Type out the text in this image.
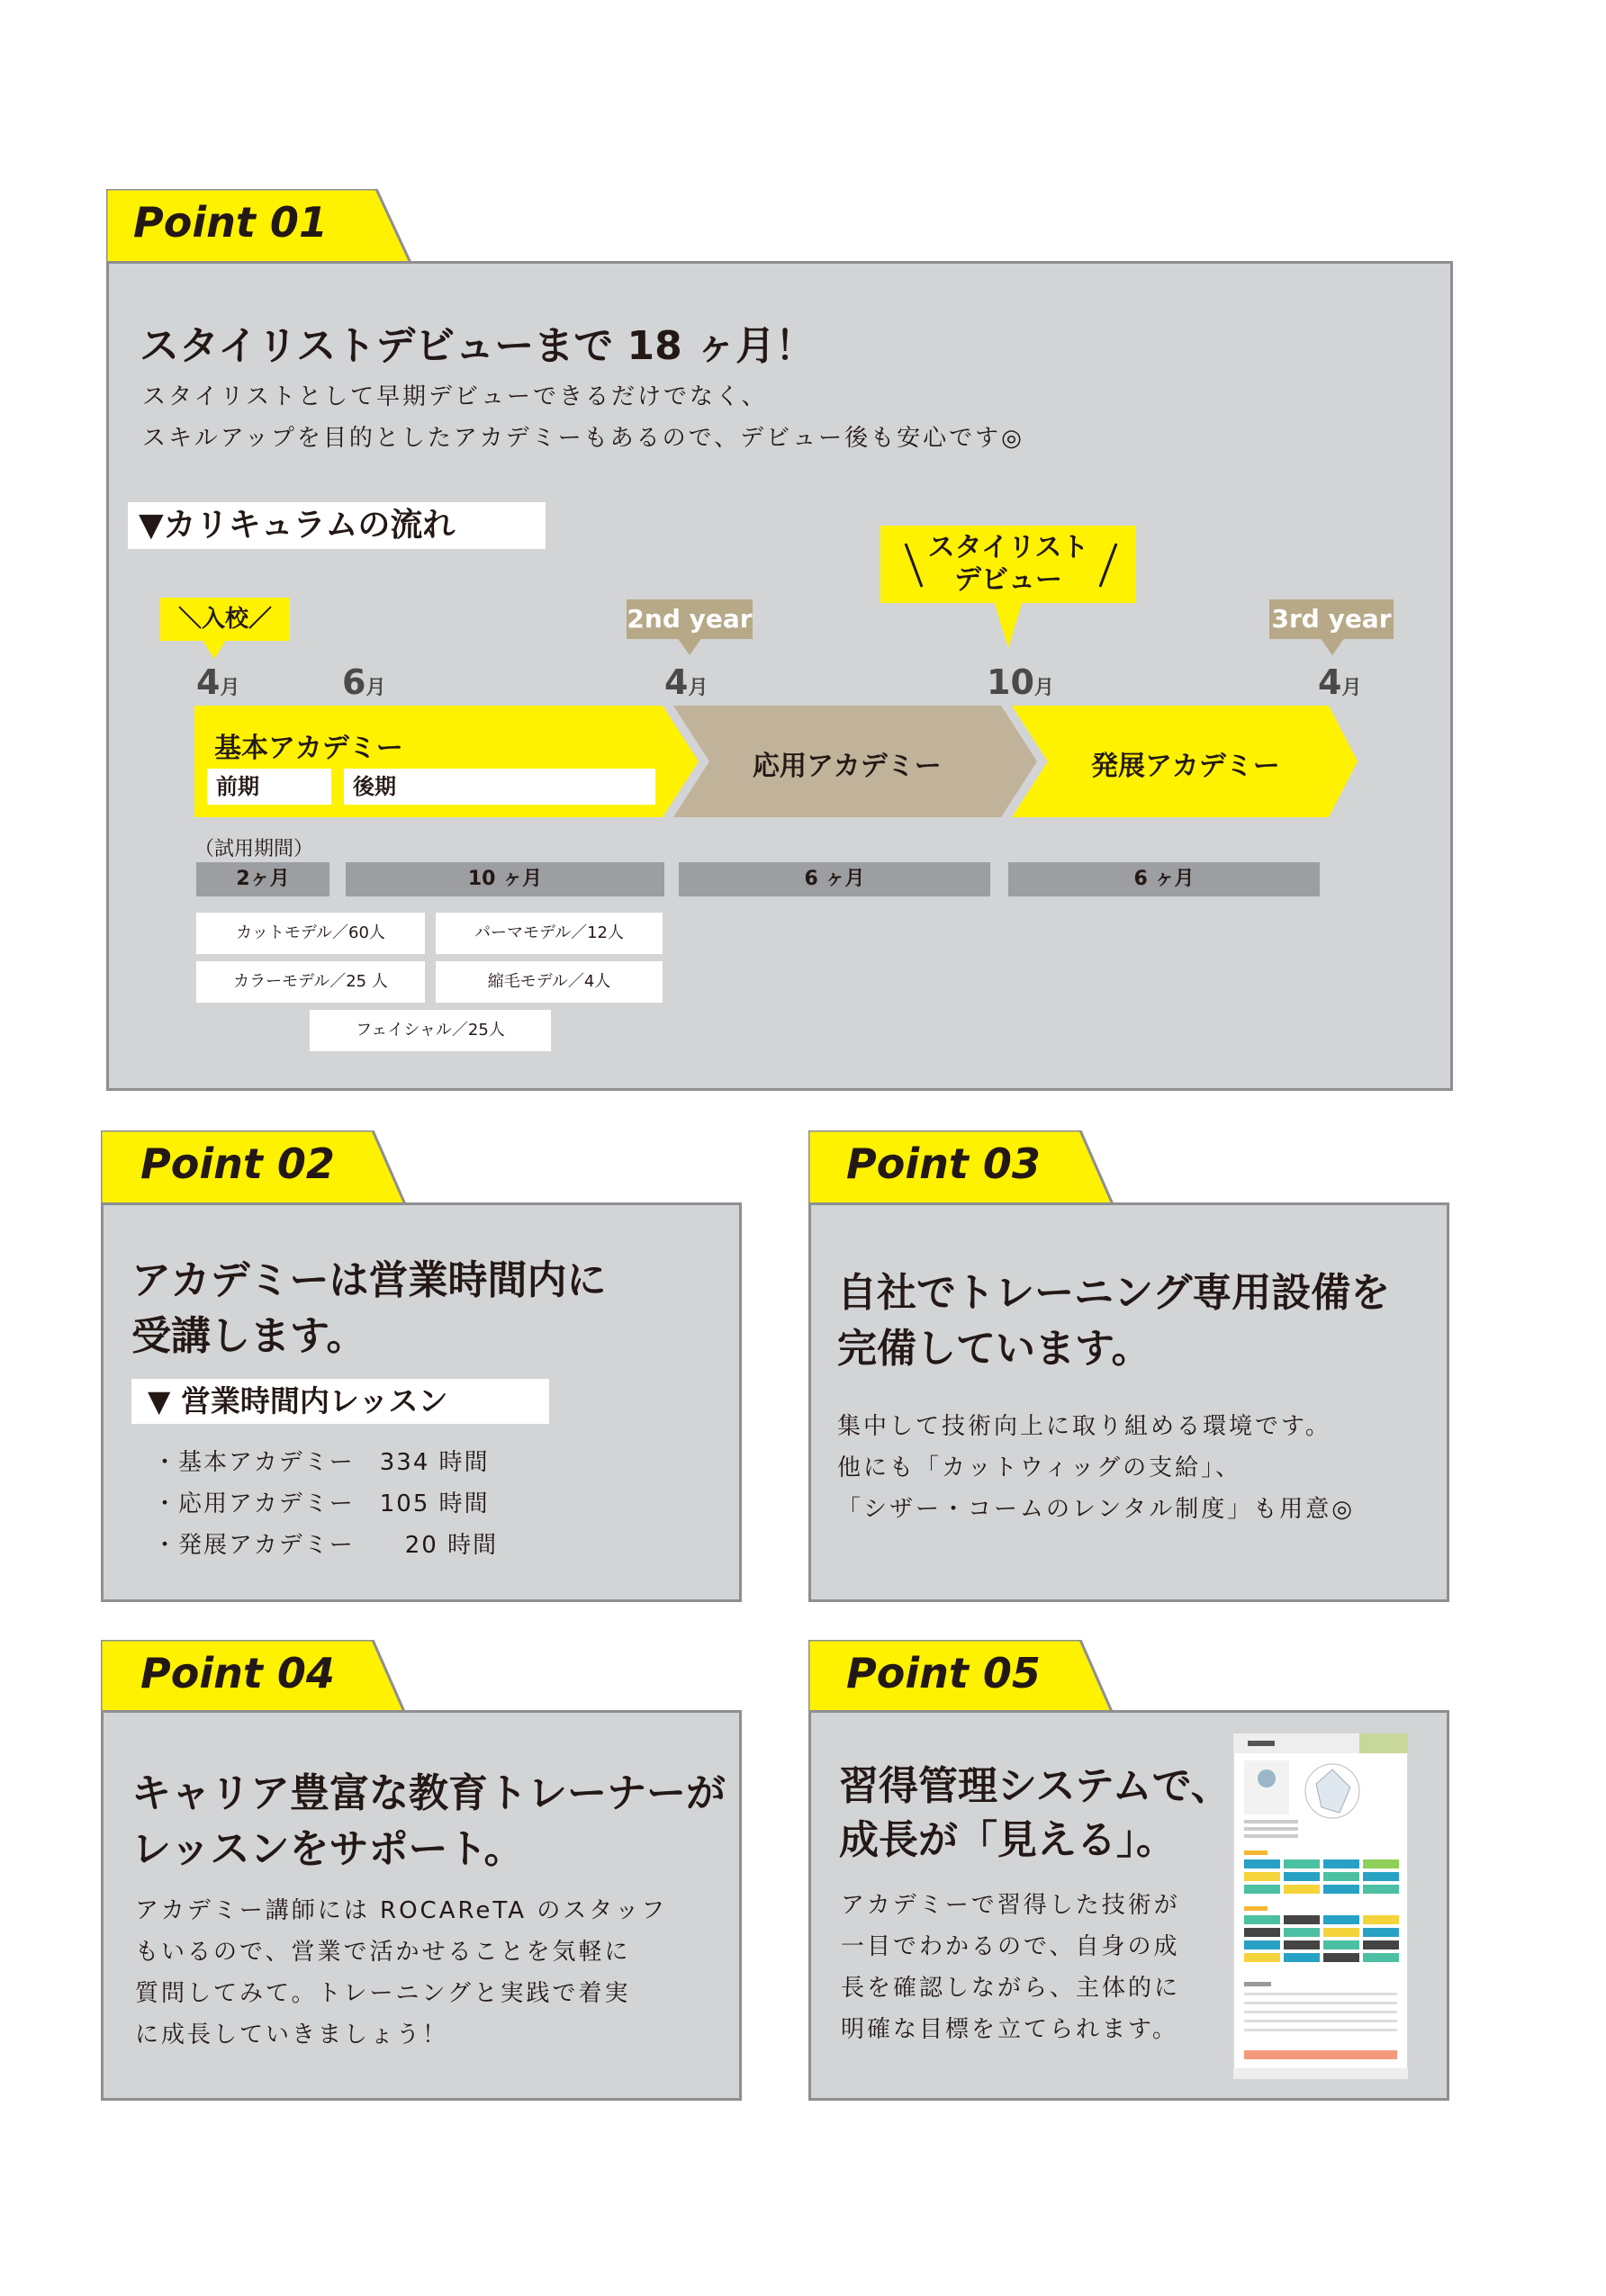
Point 01
スタイリストデビューまで 18 ヶ月！
スタイリストとして早期デビューできるだけでなく、
スキルアップを目的としたアカデミーもあるので、デビュー後も安心です◎
▼カリキュラムの流れ
＼入校／
スタイリスト
デビュー
2nd year	3rd year
4月	6月	4月	10月	4月
基本アカデミー
前期	後期
応用アカデミー	発展アカデミー
（試用期間）
2ヶ月	10 ヶ月	6 ヶ月	6 ヶ月
カットモデル／60人	パーマモデル／12人
カラーモデル／25 人	縮毛モデル／4人
フェイシャル／25人
Point 02
アカデミーは営業時間内に
受講します。
▼ 営業時間内レッスン
・基本アカデミー　334 時間
・応用アカデミー　105 時間
・発展アカデミー　　20 時間
Point 03
自社でトレーニング専用設備を
完備しています。
集中して技術向上に取り組める環境です。
他にも「カットウィッグの支給」、
「シザー・コームのレンタル制度」も用意◎
Point 04
キャリア豊富な教育トレーナーが
レッスンをサポート。
アカデミー講師には ROCAReTA のスタッフ
もいるので、営業で活かせることを気軽に
質問してみて。トレーニングと実践で着実
に成長していきましょう！
Point 05
習得管理システムで、
成長が「見える」。
アカデミーで習得した技術が
一目でわかるので、自身の成
長を確認しながら、主体的に
明確な目標を立てられます。
